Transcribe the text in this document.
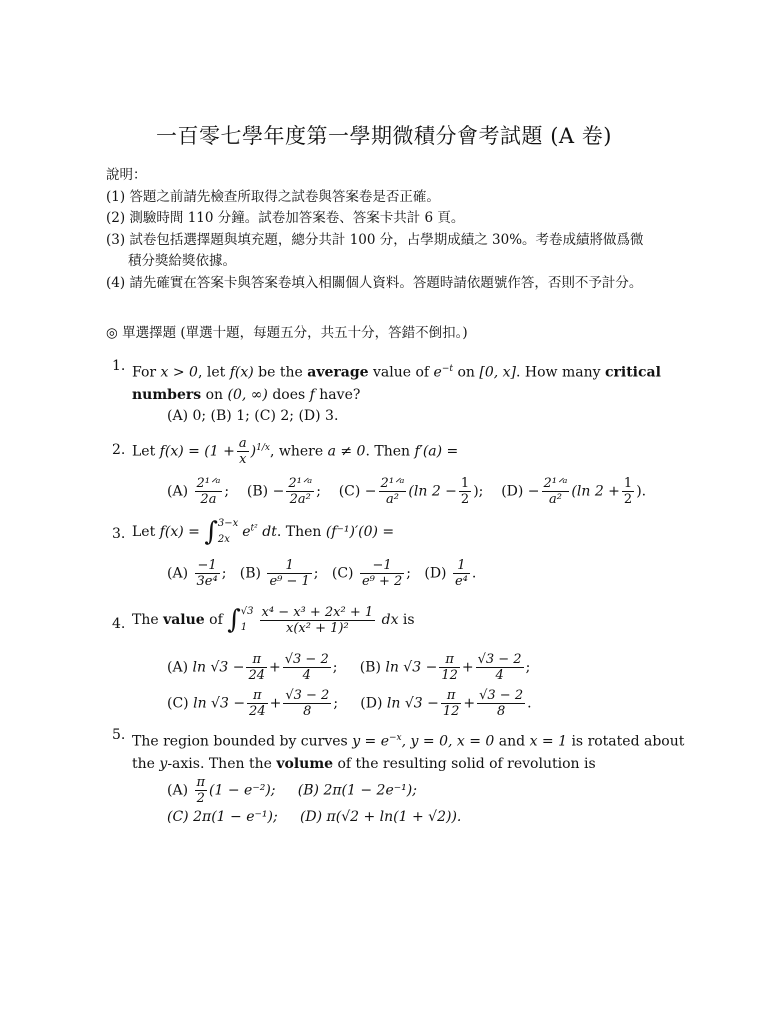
一百零七學年度第一學期微積分會考試題 (A 卷)
說明：
(1) 答題之前請先檢查所取得之試卷與答案卷是否正確。
(2) 測驗時間 110 分鐘。試卷加答案卷、答案卡共計 6 頁。
(3) 試卷包括選擇題與填充題，總分共計 100 分，占學期成績之 30%。考卷成績將做爲微
積分獎給獎依據。
(4) 請先確實在答案卡與答案卷填入相關個人資料。答題時請依題號作答，否則不予計分。
◎ 單選擇題 (單選十題，每題五分，共五十分，答錯不倒扣。)
1. For x > 0, let f(x) be the average value of $e^{-t}$ on [0, x]. How many critical
numbers on (0, ∞) does f have?
(A) 0; (B) 1; (C) 2; (D) 3.
2. Let $f(x) = (1 + \frac{a}{x} )^{1/x}$, where a ≠ 0. Then f′(a) =
$(A) \frac{\text{2¹ᐟᵃ}}{2a}$ ;    $(B) - \frac{\text{2¹ᐟᵃ}}{\text{2a²}}$ ;    $(C) - \frac{\text{2¹ᐟᵃ}}{\text{a²}} (\ln$ $2 - \frac{1}{2}$ );    $(D) - \frac{\text{2¹ᐟᵃ}}{\text{a²}} (\ln$ $2 + \frac{1}{2}$ ).
3. Let f(x) = ∫ 3−x
2x $e^{t^2}$ dt. Then (f⁻¹)′(0) =
$(A) \frac{-1}{\text{3e⁴}}$ ;   $(B) \frac{1}{\text{e⁹ − 1}}$ ;   $(C) \frac{-1}{\text{e⁹ + 2}}$ ;   $(D) \frac{1}{\text{e⁴}}$ .
4. The value of ∫ √3
$1 \frac{\text{x⁴ − x³ + 2x² + 1}}{\text{x(x² + 1)²}}$ dx is
(A) $\ln √3 - \frac{\pi}{24} + \frac{√3 - 2}{4}$ ;     (B) $\ln √3 - \frac{\pi}{12} + \frac{√3 - 2}{4}$ ;
(C) $\ln √3 - \frac{\pi}{24} + \frac{√3 - 2}{8}$ ;     (D) $\ln √3 - \frac{\pi}{12} + \frac{√3 - 2}{8}$ .
5. The region bounded by curves $y = e^{-x}$, y = 0, x = 0 and x = 1 is rotated about
the y-axis. Then the volume of the resulting solid of revolution is
$(A) \frac{\pi}{2} (1 - e^{-2})$; (B) 2π(1 − 2e⁻¹);
(C) 2π(1 − e⁻¹); (D) π(√2 + ln(1 + √2)).
